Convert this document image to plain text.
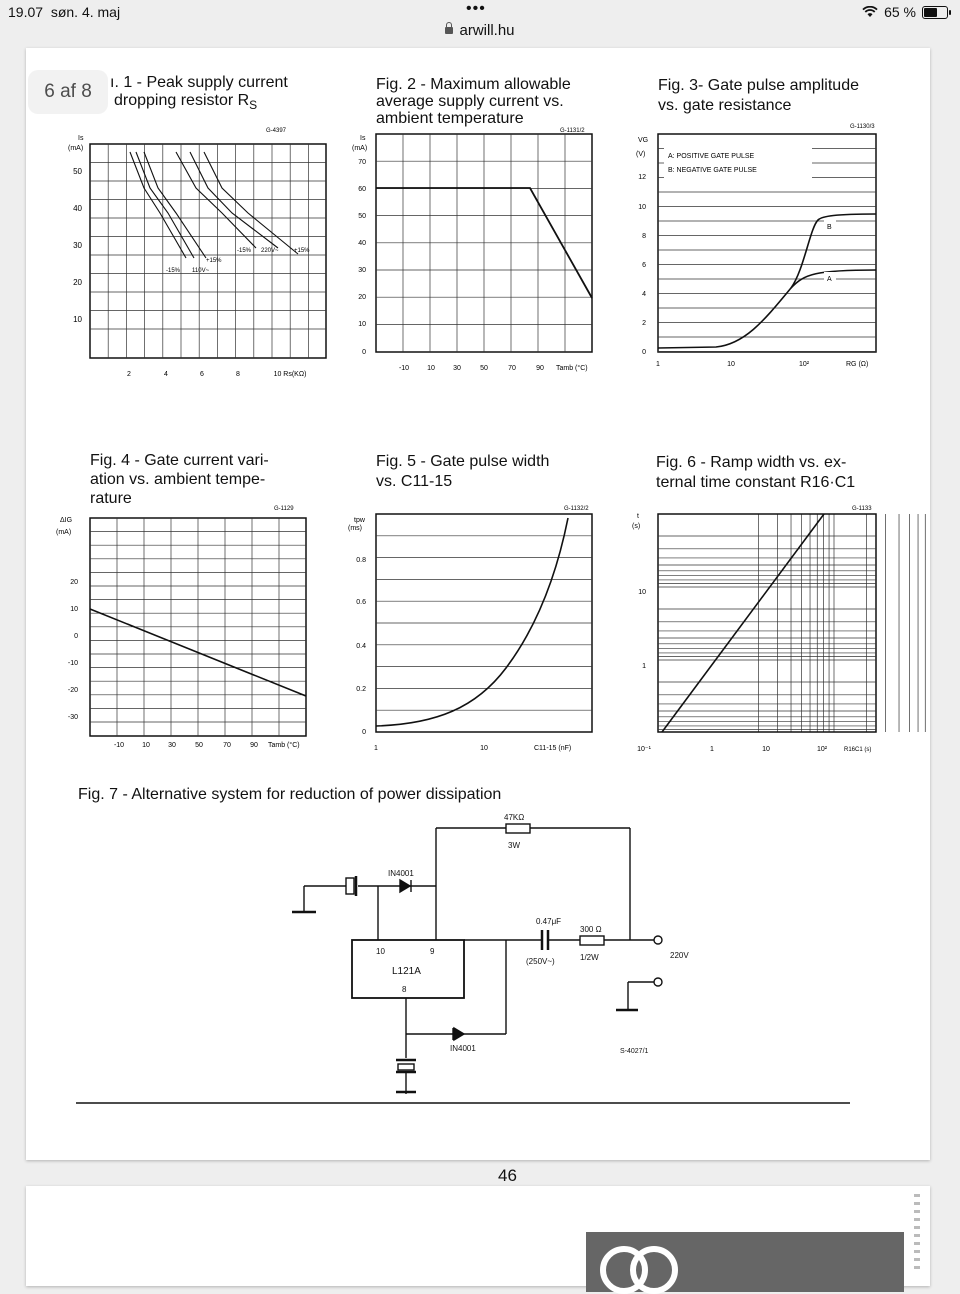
19.07 søn. 4. maj	•••	65 %
arwill.hu
ı. 1 - Peak supply current
dropping resistor $R_S$
Fig. 2 - Maximum allowable
average supply current vs.
ambient temperature
Fig. 3- Gate pulse amplitude
vs. gate resistance
Fig. 4 - Gate current vari-
ation vs. ambient tempe-
rature
Fig. 5 - Gate pulse width
vs. C11-15
Fig. 6 - Ramp width vs. ex-
ternal time constant R16·C1
Fig. 7 - Alternative system for reduction of power dissipation
Is
(mA)
G-4397
50
40
30
20
10
2	4	6	8	10 Rs(KΩ)
-15% 110V~
+15%
-15% 220V~	+15%
Is
(mA)
G-1131/2
70
60
50
40
30
20
10
0
-10	10	30	50	70	90 Tamb (°C)
VG
(V)
G-1130/3
A: POSITIVE GATE PULSE
B: NEGATIVE GATE PULSE
12
10
8
6
4
2
0
1	10	10²	RG (Ω)
B
A
ΔIG
(mA)
G-1129
20
10
0
-10
-20
-30
-10	10	30	50	70	90 Tamb (°C)
tpw
(ms)
G-1132/2
0.8
0.6
0.4
0.2
0
1	10	C11-15 (nF)
t
(s)
G-1133
10
1
10⁻¹	1	10	10²	R16C1 (s)
47KΩ
3W
IN4001
10	9
L121A
8
0.47μF
(250V~)
300 Ω
1/2W	220V
IN4001	S-4027/1
46
6 af 8
